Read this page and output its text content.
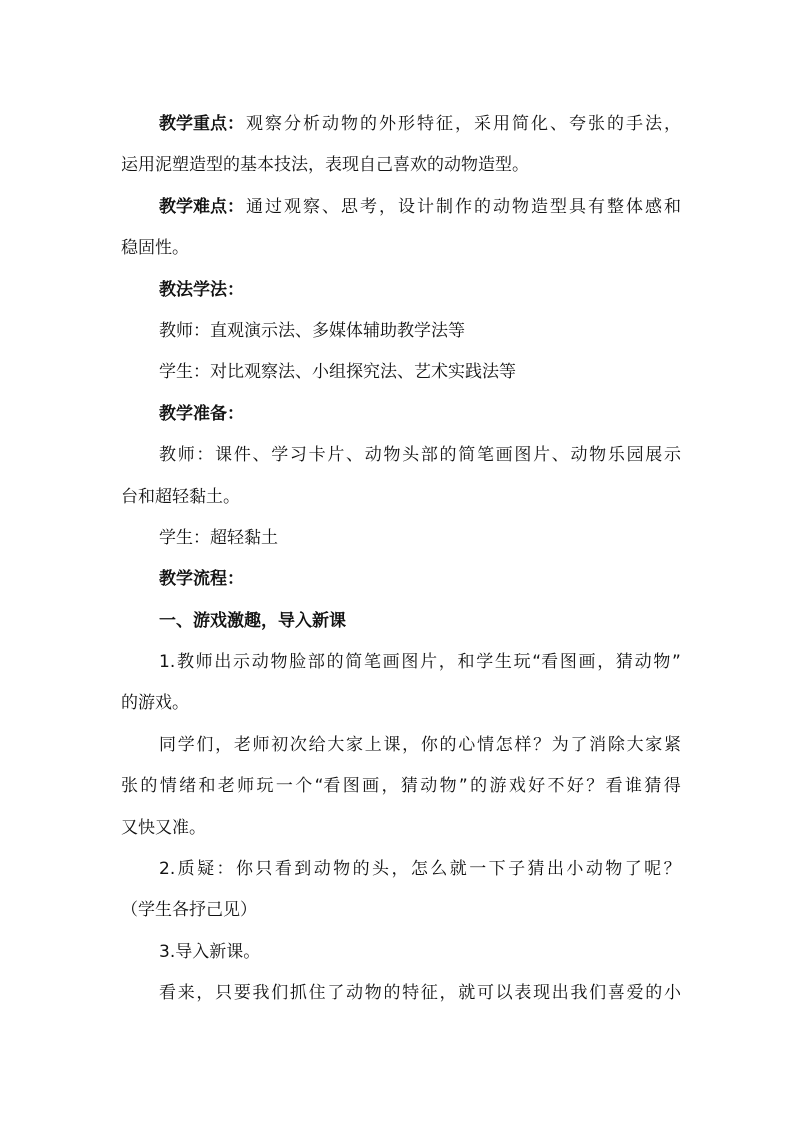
教学重点： 观 察 分 析 动 物 的 外 形 特 征 ， 采 用 简 化 、 夸 张 的 手 法 ，
运用泥塑造型的基本技法，表现自己喜欢的动物造型。
教学难点： 通 过 观 察 、 思 考 ， 设 计 制 作 的 动 物 造 型 具 有 整 体 感 和
稳固性。
教法学法：
教师：直观演示法、多媒体辅助教学法等
学生：对比观察法、小组探究法、艺术实践法等
教学准备：
教 师 ： 课 件 、 学 习 卡 片 、 动 物 头 部 的 简 笔 画 图 片 、 动 物 乐 园 展 示
台和超轻黏土。
学生：超轻黏土
教学流程：
一、游戏激趣，导入新课
1. 教 师 出 示 动 物 脸 部 的 简 笔 画 图 片 ， 和 学 生 玩 “看 图 画 ， 猜 动 物 ”
的游戏。
同 学 们 ， 老 师 初 次 给 大 家 上 课 ， 你 的 心 情 怎 样 ？ 为 了 消 除 大 家 紧
张 的 情 绪 和 老 师 玩 一 个 “看 图 画 ， 猜 动 物 ” 的 游 戏 好 不 好 ？ 看 谁 猜 得
又快又准。
2. 质 疑 ： 你 只 看 到 动 物 的 头 ， 怎 么 就 一 下 子 猜 出 小 动 物 了 呢 ？
（学生各抒己见）
3.导入新课。
看 来 ， 只 要 我 们 抓 住 了 动 物 的 特 征 ， 就 可 以 表 现 出 我 们 喜 爱 的 小
